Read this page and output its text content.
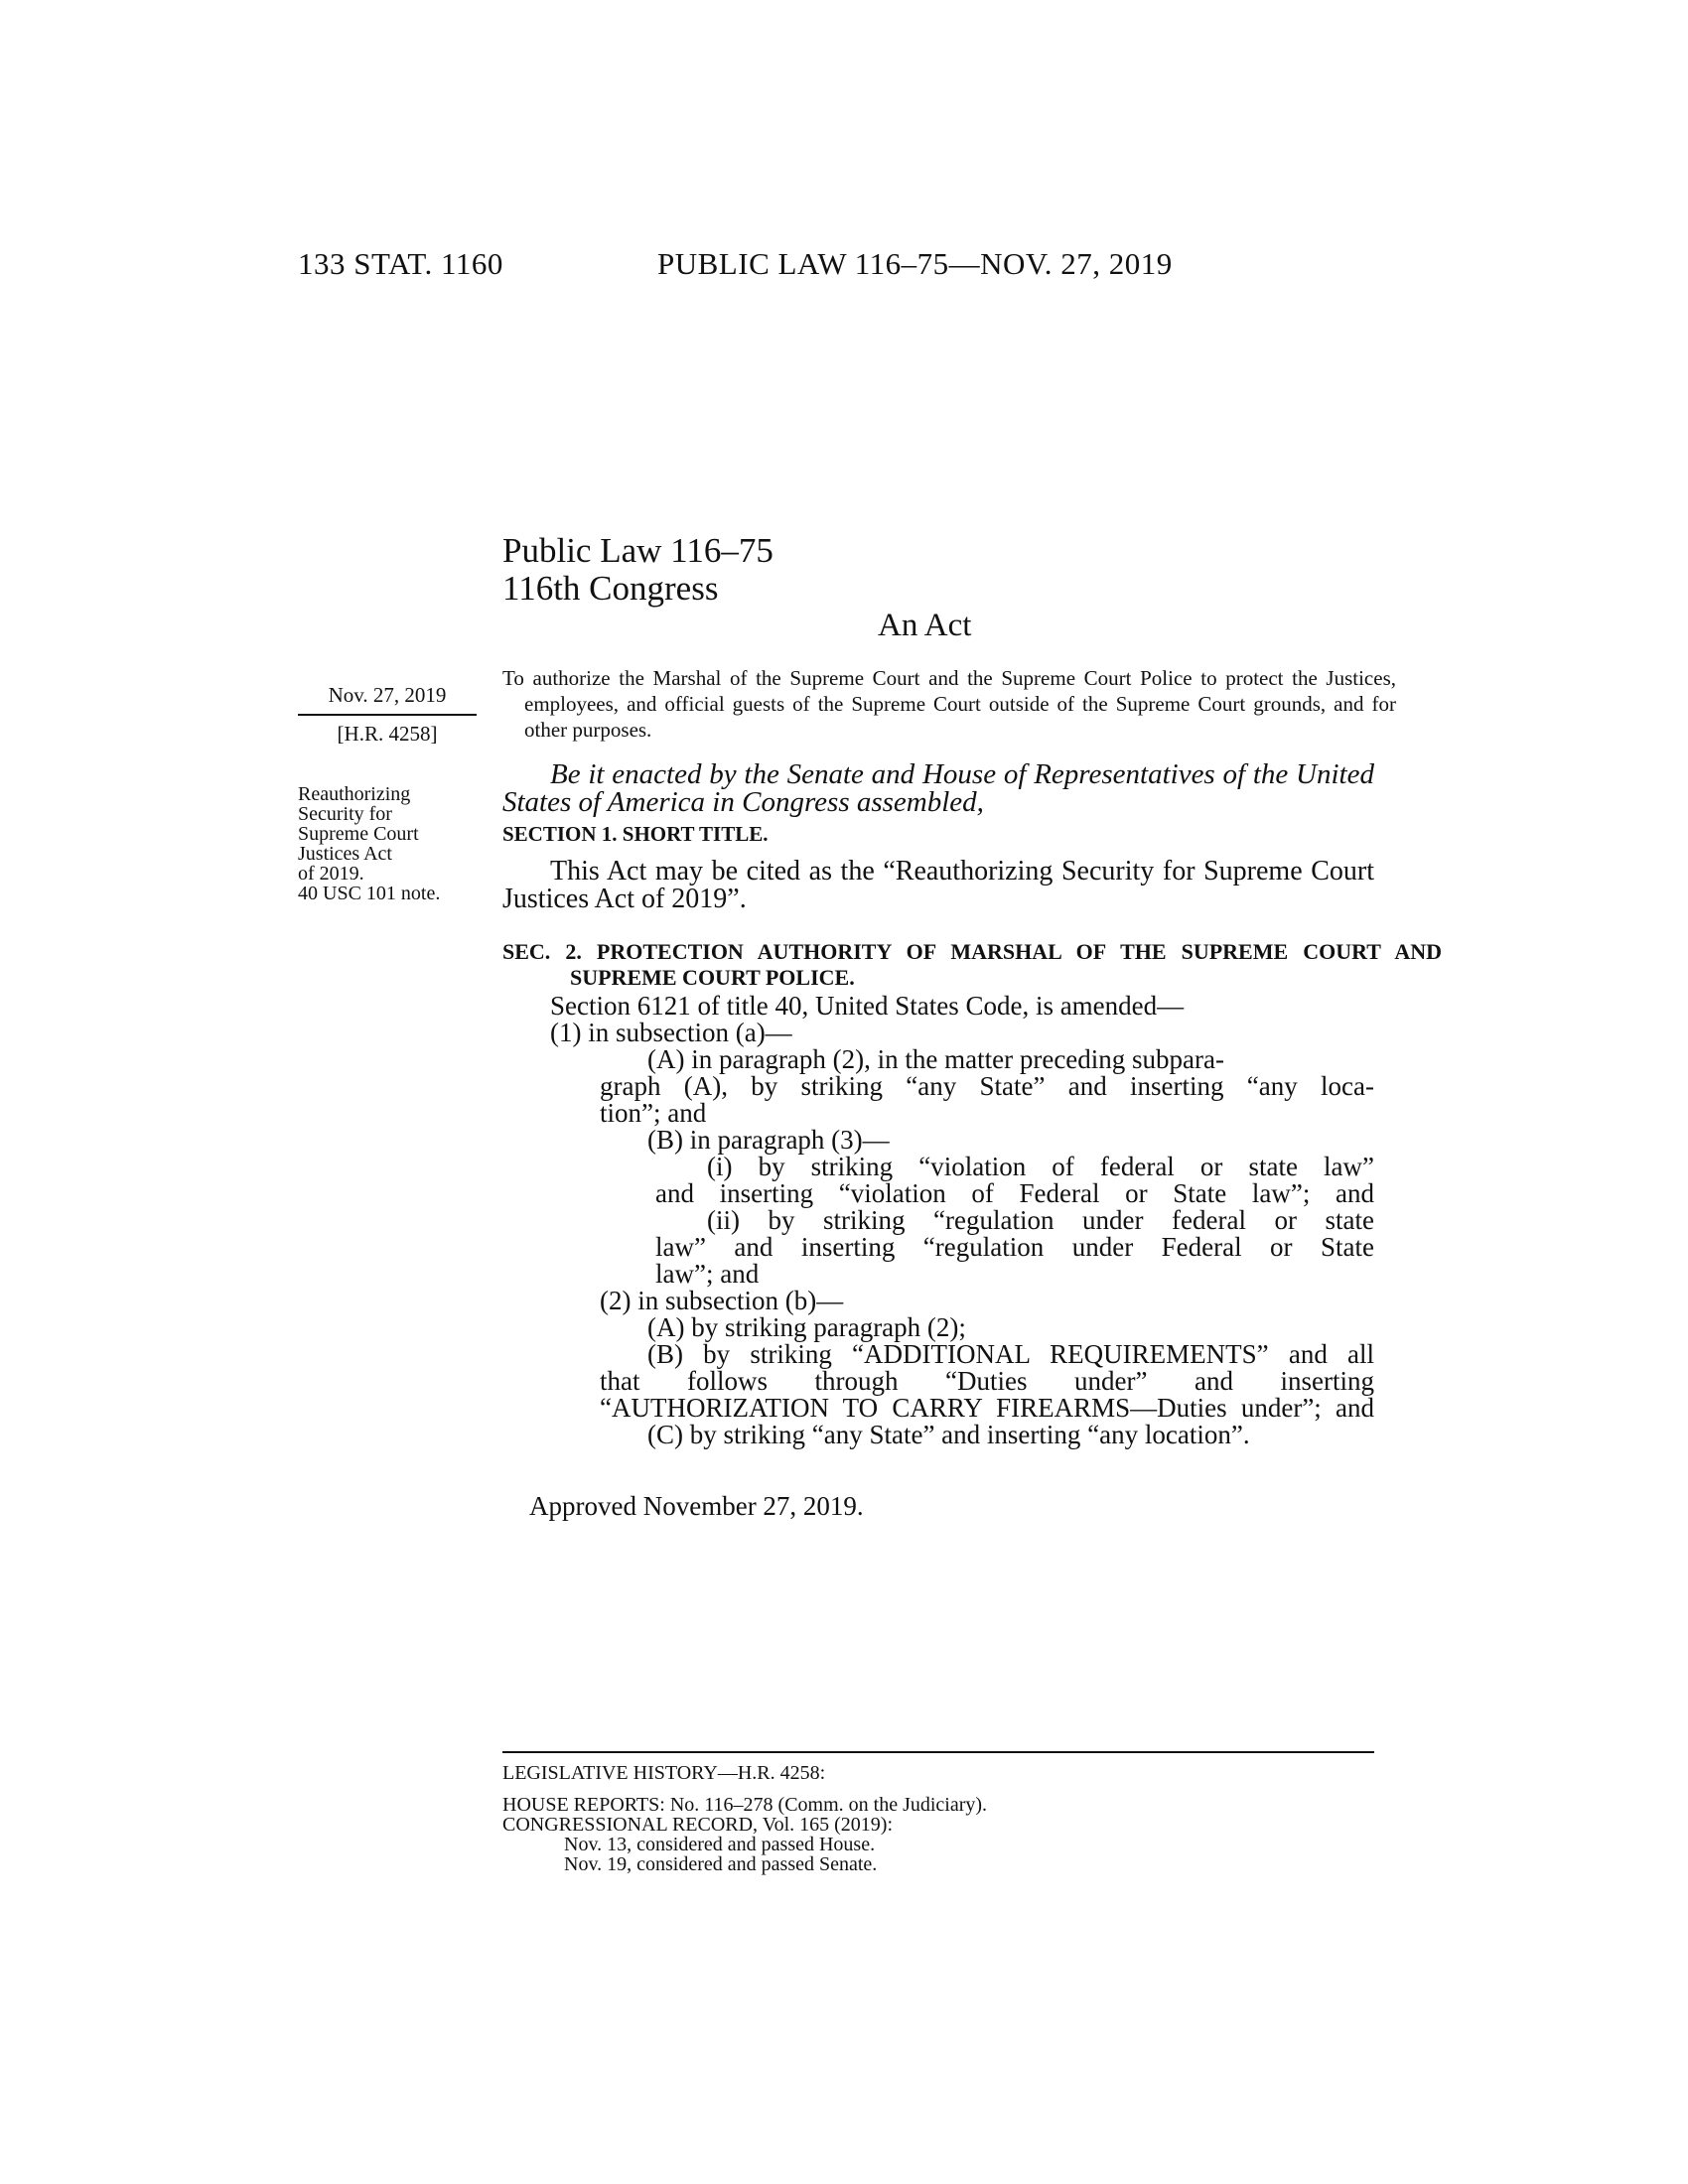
133 STAT. 1160	PUBLIC LAW 116–75—NOV. 27, 2019
Public Law 116–75
116th Congress
An Act
Nov. 27, 2019
[H.R. 4258]
To authorize the Marshal of the Supreme Court and the Supreme Court Police to protect the Justices, employees, and official guests of the Supreme Court outside of the Supreme Court grounds, and for other purposes.
Reauthorizing
Security for
Supreme Court
Justices Act
of 2019.
40 USC 101 note.
Be it enacted by the Senate and House of Representatives of the United States of America in Congress assembled,
SECTION 1. SHORT TITLE.
This Act may be cited as the “Reauthorizing Security for Supreme Court Justices Act of 2019”.
SEC. 2. PROTECTION AUTHORITY OF MARSHAL OF THE SUPREME COURT AND SUPREME COURT POLICE.
Section 6121 of title 40, United States Code, is amended—
(1) in subsection (a)—
(A) in paragraph (2), in the matter preceding subpara-
graph (A), by striking “any State” and inserting “any loca-
tion”; and
(B) in paragraph (3)—
(i) by striking “violation of federal or state law”
and inserting “violation of Federal or State law”; and
(ii) by striking “regulation under federal or state
law” and inserting “regulation under Federal or State
law”; and
(2) in subsection (b)—
(A) by striking paragraph (2);
(B) by striking “ADDITIONAL REQUIREMENTS” and all
that follows through “Duties under” and inserting
“AUTHORIZATION TO CARRY FIREARMS—Duties under”; and
(C) by striking “any State” and inserting “any location”.
Approved November 27, 2019.
LEGISLATIVE HISTORY—H.R. 4258:
HOUSE REPORTS: No. 116–278 (Comm. on the Judiciary).
CONGRESSIONAL RECORD, Vol. 165 (2019):
Nov. 13, considered and passed House.
Nov. 19, considered and passed Senate.
